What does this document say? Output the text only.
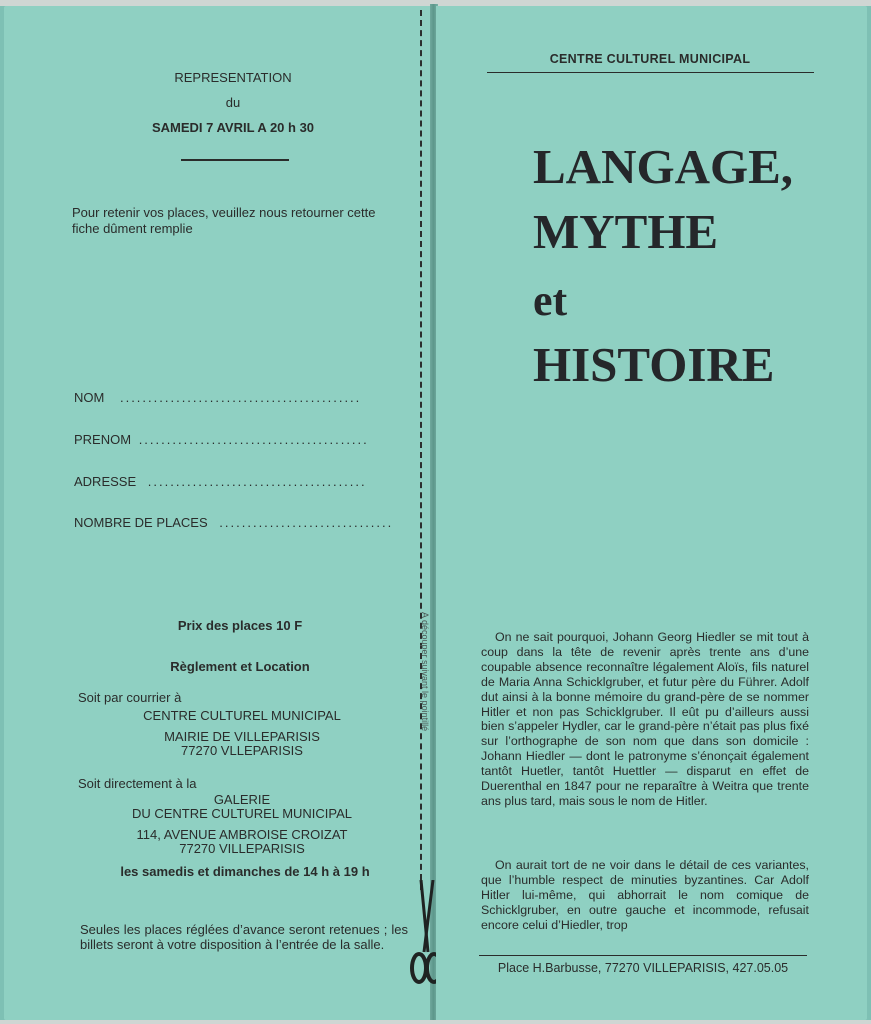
REPRESENTATION
du
SAMEDI 7 AVRIL A 20 h 30
Pour retenir vos places, veuillez nous retourner cette fiche dûment remplie
NOM ...........................................
PRENOM .........................................
ADRESSE .......................................
NOMBRE DE PLACES ...............................
Prix des places 10 F
Règlement et Location
Soit par courrier à
CENTRE CULTUREL MUNICIPAL
MAIRIE DE VILLEPARISIS
77270 VLLEPARISIS
Soit directement à la
GALERIE
DU CENTRE CULTUREL MUNICIPAL
114, AVENUE AMBROISE CROIZAT
77270 VILLEPARISIS
les samedis et dimanches de 14 h à 19 h
Seules les places réglées d’avance seront retenues ; les billets seront à votre disposition à l’entrée de la salle.
A découper suivant le pointillé
CENTRE CULTUREL MUNICIPAL
LANGAGE,
MYTHE
et
HISTOIRE
On ne sait pourquoi, Johann Georg Hiedler se mit tout à coup dans la tête de revenir après trente ans d’une coupable absence reconnaître légalement Aloïs, fils naturel de Maria Anna Schicklgruber, et futur père du Führer. Adolf dut ainsi à la bonne mémoire du grand-père de se nommer Hitler et non pas Schicklgruber. Il eût pu d’ailleurs aussi bien s’appeler Hydler, car le grand-père n’était pas plus fixé sur l’orthographe de son nom que dans son domicile : Johann Hiedler — dont le patronyme s’énonçait également tantôt Huetler, tantôt Huettler — disparut en effet de Duerenthal en 1847 pour ne reparaître à Weitra que trente ans plus tard, mais sous le nom de Hitler.
On aurait tort de ne voir dans le détail de ces variantes, que l’humble respect de minuties byzantines. Car Adolf Hitler lui-même, qui abhorrait le nom comique de Schicklgruber, en outre gauche et incommode, refusait encore celui d’Hiedler, trop
Place H.Barbusse, 77270 VILLEPARISIS, 427.05.05
